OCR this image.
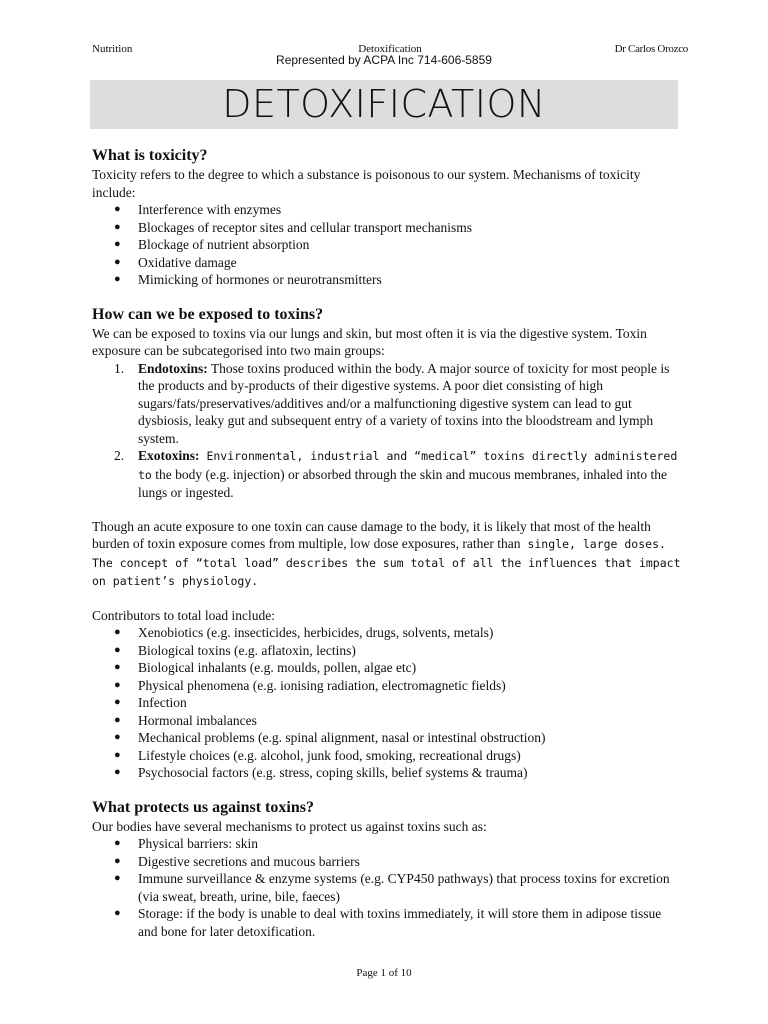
Nutrition	Detoxification	Dr Carlos Orozco
Represented by ACPA Inc 714-606-5859
DETOXIFICATION
What is toxicity?

Toxicity refers to the degree to which a substance is poisonous to our system. Mechanisms of toxicity include:

● Interference with enzymes
● Blockages of receptor sites and cellular transport mechanisms
● Blockage of nutrient absorption
● Oxidative damage
● Mimicking of hormones or neurotransmitters
How can we be exposed to toxins?

We can be exposed to toxins via our lungs and skin, but most often it is via the digestive system. Toxin exposure can be subcategorised into two main groups:

1. Endotoxins: Those toxins produced within the body. A major source of toxicity for most people is the products and by-products of their digestive systems. A poor diet consisting of high sugars/fats/preservatives/additives and/or a malfunctioning digestive system can lead to gut dysbiosis, leaky gut and subsequent entry of a variety of toxins into the bloodstream and lymph system.
2. Exotoxins: Environmental, industrial and “medical” toxins directly administered to the body (e.g. injection) or absorbed through the skin and mucous membranes, inhaled into the lungs or ingested.

Though an acute exposure to one toxin can cause damage to the body, it is likely that most of the health burden of toxin exposure comes from multiple, low dose exposures, rather than single, large doses. The concept of “total load” describes the sum total of all the influences that impact on patient’s physiology.

Contributors to total load include:

● Xenobiotics (e.g. insecticides, herbicides, drugs, solvents, metals)
● Biological toxins (e.g. aflatoxin, lectins)
● Biological inhalants (e.g. moulds, pollen, algae etc)
● Physical phenomena (e.g. ionising radiation, electromagnetic fields)
● Infection
● Hormonal imbalances
● Mechanical problems (e.g. spinal alignment, nasal or intestinal obstruction)
● Lifestyle choices (e.g. alcohol, junk food, smoking, recreational drugs)
● Psychosocial factors (e.g. stress, coping skills, belief systems & trauma)
What protects us against toxins?

Our bodies have several mechanisms to protect us against toxins such as:

● Physical barriers: skin
● Digestive secretions and mucous barriers
● Immune surveillance & enzyme systems (e.g. CYP450 pathways) that process toxins for excretion (via sweat, breath, urine, bile, faeces)
● Storage: if the body is unable to deal with toxins immediately, it will store them in adipose tissue and bone for later detoxification.
Page 1 of 10
